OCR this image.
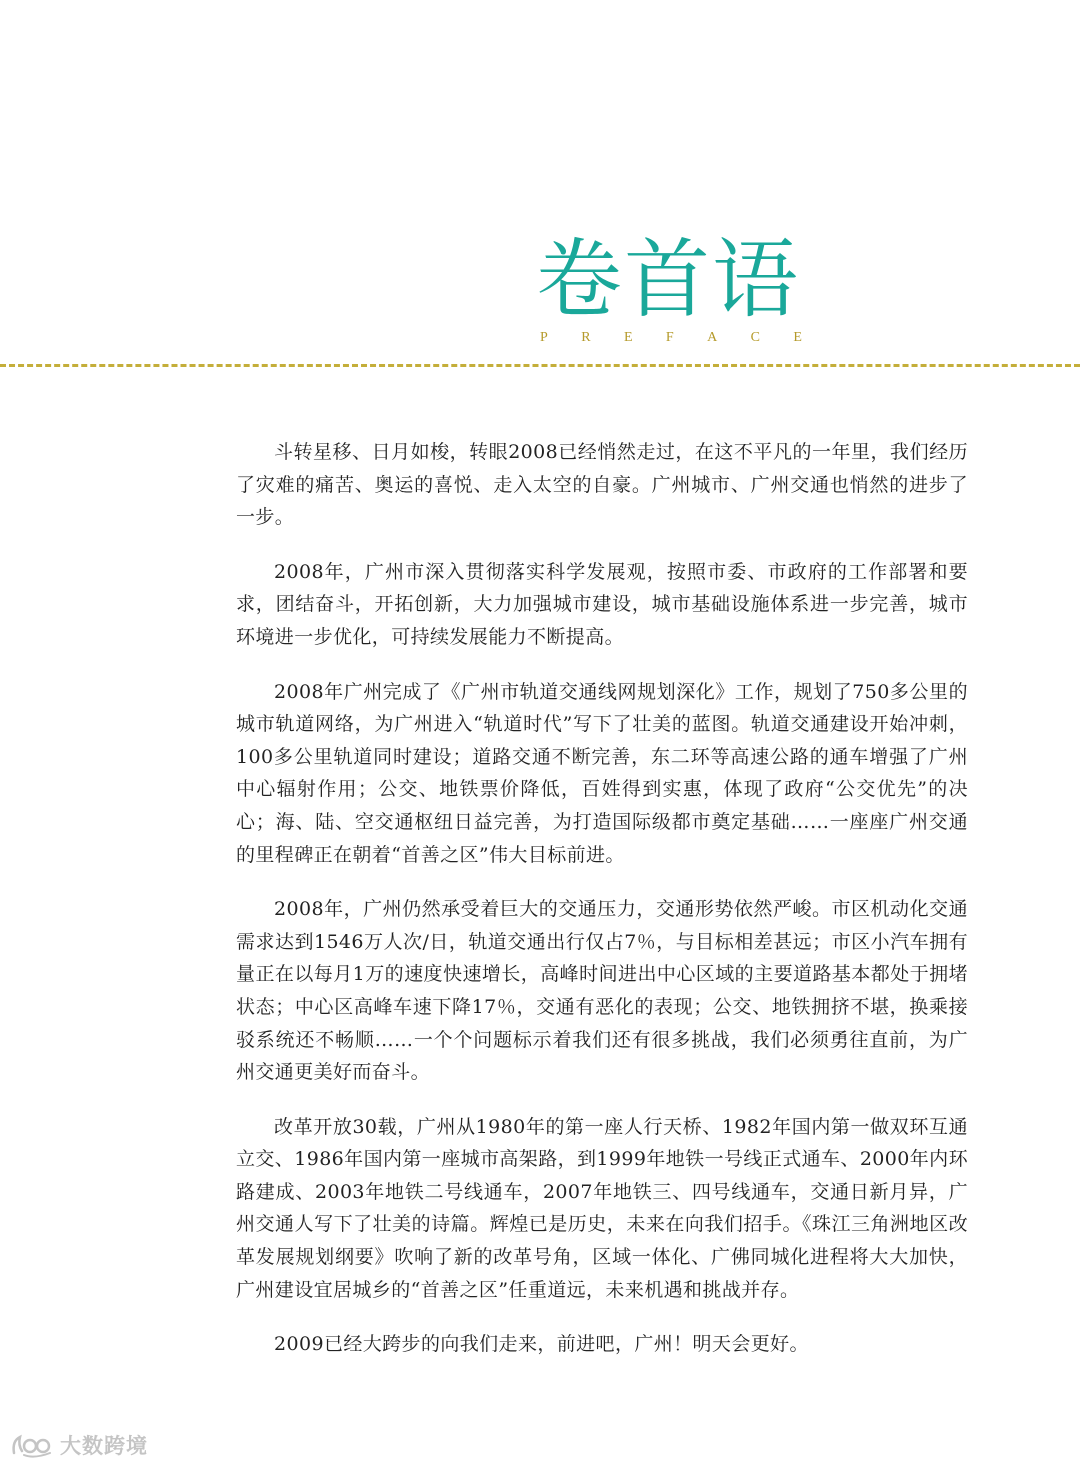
卷首语
P R E F A C E

斗转星移、日月如梭，转眼2008已经悄然走过，在这不平凡的一年里，我们经历了灾难的痛苦、奥运的喜悦、走入太空的自豪。广州城市、广州交通也悄然的进步了一步。

2008年，广州市深入贯彻落实科学发展观，按照市委、市政府的工作部署和要求，团结奋斗，开拓创新，大力加强城市建设，城市基础设施体系进一步完善，城市环境进一步优化，可持续发展能力不断提高。

2008年广州完成了《广州市轨道交通线网规划深化》工作，规划了750多公里的城市轨道网络，为广州进入“轨道时代”写下了壮美的蓝图。轨道交通建设开始冲刺，100多公里轨道同时建设；道路交通不断完善，东二环等高速公路的通车增强了广州中心辐射作用；公交、地铁票价降低，百姓得到实惠，体现了政府“公交优先”的决心；海、陆、空交通枢纽日益完善，为打造国际级都市奠定基础……一座座广州交通的里程碑正在朝着“首善之区”伟大目标前进。

2008年，广州仍然承受着巨大的交通压力，交通形势依然严峻。市区机动化交通需求达到1546万人次/日，轨道交通出行仅占7％，与目标相差甚远；市区小汽车拥有量正在以每月1万的速度快速增长，高峰时间进出中心区域的主要道路基本都处于拥堵状态；中心区高峰车速下降17％，交通有恶化的表现；公交、地铁拥挤不堪，换乘接驳系统还不畅顺……一个个问题标示着我们还有很多挑战，我们必须勇往直前，为广州交通更美好而奋斗。

改革开放30载，广州从1980年的第一座人行天桥、1982年国内第一做双环互通立交、1986年国内第一座城市高架路，到1999年地铁一号线正式通车、2000年内环路建成、2003年地铁二号线通车，2007年地铁三、四号线通车，交通日新月异，广州交通人写下了壮美的诗篇。辉煌已是历史，未来在向我们招手。《珠江三角洲地区改革发展规划纲要》吹响了新的改革号角，区域一体化、广佛同城化进程将大大加快，广州建设宜居城乡的“首善之区”任重道远，未来机遇和挑战并存。

2009已经大跨步的向我们走来，前进吧，广州！明天会更好。

大数跨境
